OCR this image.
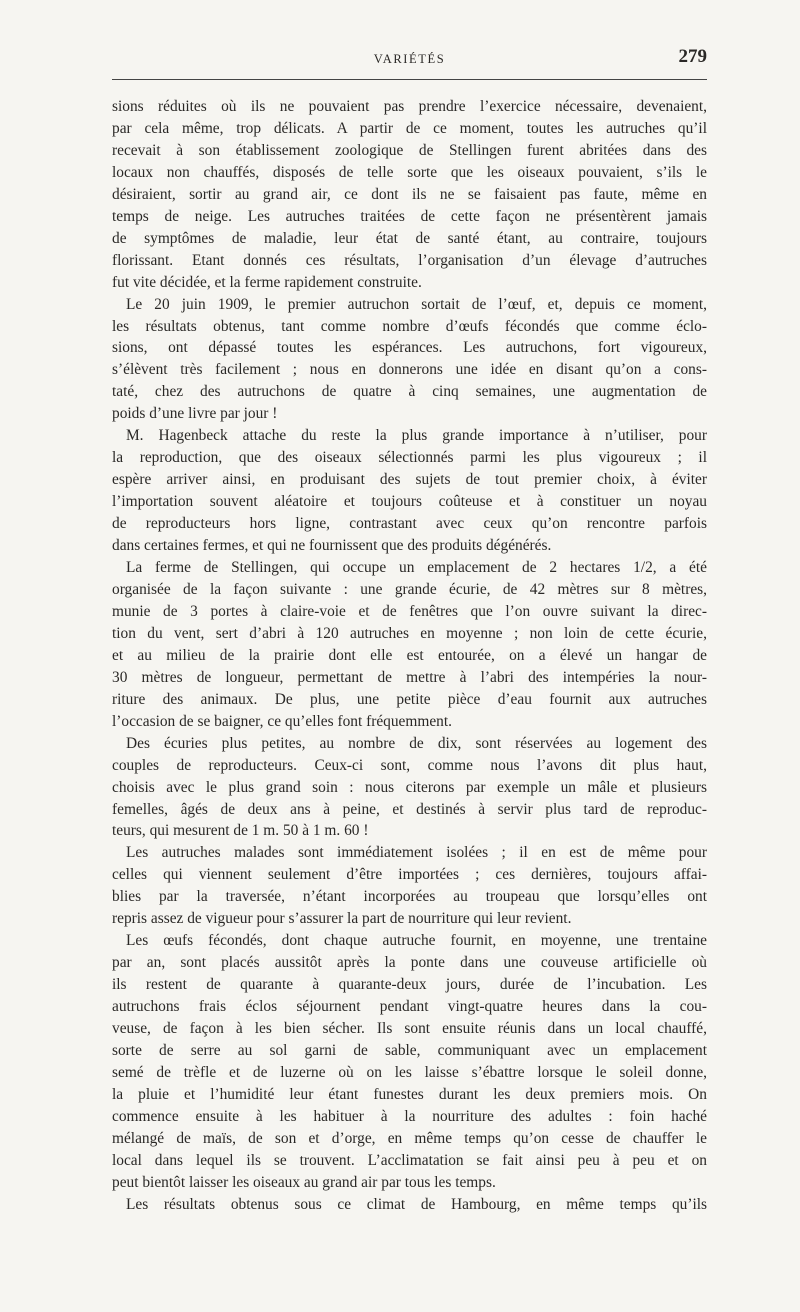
VARIÉTÉS	279
sions réduites où ils ne pouvaient pas prendre l’exercice nécessaire, devenaient,
par cela même, trop délicats. A partir de ce moment, toutes les autruches qu’il
recevait à son établissement zoologique de Stellingen furent abritées dans des
locaux non chauffés, disposés de telle sorte que les oiseaux pouvaient, s’ils le
désiraient, sortir au grand air, ce dont ils ne se faisaient pas faute, même en
temps de neige. Les autruches traitées de cette façon ne présentèrent jamais
de symptômes de maladie, leur état de santé étant, au contraire, toujours
florissant. Etant donnés ces résultats, l’organisation d’un élevage d’autruches
fut vite décidée, et la ferme rapidement construite.
Le 20 juin 1909, le premier autruchon sortait de l’œuf, et, depuis ce moment,
les résultats obtenus, tant comme nombre d’œufs fécondés que comme éclo-
sions, ont dépassé toutes les espérances. Les autruchons, fort vigoureux,
s’élèvent très facilement ; nous en donnerons une idée en disant qu’on a cons-
taté, chez des autruchons de quatre à cinq semaines, une augmentation de
poids d’une livre par jour !
M. Hagenbeck attache du reste la plus grande importance à n’utiliser, pour
la reproduction, que des oiseaux sélectionnés parmi les plus vigoureux ; il
espère arriver ainsi, en produisant des sujets de tout premier choix, à éviter
l’importation souvent aléatoire et toujours coûteuse et à constituer un noyau
de reproducteurs hors ligne, contrastant avec ceux qu’on rencontre parfois
dans certaines fermes, et qui ne fournissent que des produits dégénérés.
La ferme de Stellingen, qui occupe un emplacement de 2 hectares 1/2, a été
organisée de la façon suivante : une grande écurie, de 42 mètres sur 8 mètres,
munie de 3 portes à claire-voie et de fenêtres que l’on ouvre suivant la direc-
tion du vent, sert d’abri à 120 autruches en moyenne ; non loin de cette écurie,
et au milieu de la prairie dont elle est entourée, on a élevé un hangar de
30 mètres de longueur, permettant de mettre à l’abri des intempéries la nour-
riture des animaux. De plus, une petite pièce d’eau fournit aux autruches
l’occasion de se baigner, ce qu’elles font fréquemment.
Des écuries plus petites, au nombre de dix, sont réservées au logement des
couples de reproducteurs. Ceux-ci sont, comme nous l’avons dit plus haut,
choisis avec le plus grand soin : nous citerons par exemple un mâle et plusieurs
femelles, âgés de deux ans à peine, et destinés à servir plus tard de reproduc-
teurs, qui mesurent de 1 m. 50 à 1 m. 60 !
Les autruches malades sont immédiatement isolées ; il en est de même pour
celles qui viennent seulement d’être importées ; ces dernières, toujours affai-
blies par la traversée, n’étant incorporées au troupeau que lorsqu’elles ont
repris assez de vigueur pour s’assurer la part de nourriture qui leur revient.
Les œufs fécondés, dont chaque autruche fournit, en moyenne, une trentaine
par an, sont placés aussitôt après la ponte dans une couveuse artificielle où
ils restent de quarante à quarante-deux jours, durée de l’incubation. Les
autruchons frais éclos séjournent pendant vingt-quatre heures dans la cou-
veuse, de façon à les bien sécher. Ils sont ensuite réunis dans un local chauffé,
sorte de serre au sol garni de sable, communiquant avec un emplacement
semé de trèfle et de luzerne où on les laisse s’ébattre lorsque le soleil donne,
la pluie et l’humidité leur étant funestes durant les deux premiers mois. On
commence ensuite à les habituer à la nourriture des adultes : foin haché
mélangé de maïs, de son et d’orge, en même temps qu’on cesse de chauffer le
local dans lequel ils se trouvent. L’acclimatation se fait ainsi peu à peu et on
peut bientôt laisser les oiseaux au grand air par tous les temps.
Les résultats obtenus sous ce climat de Hambourg, en même temps qu’ils
